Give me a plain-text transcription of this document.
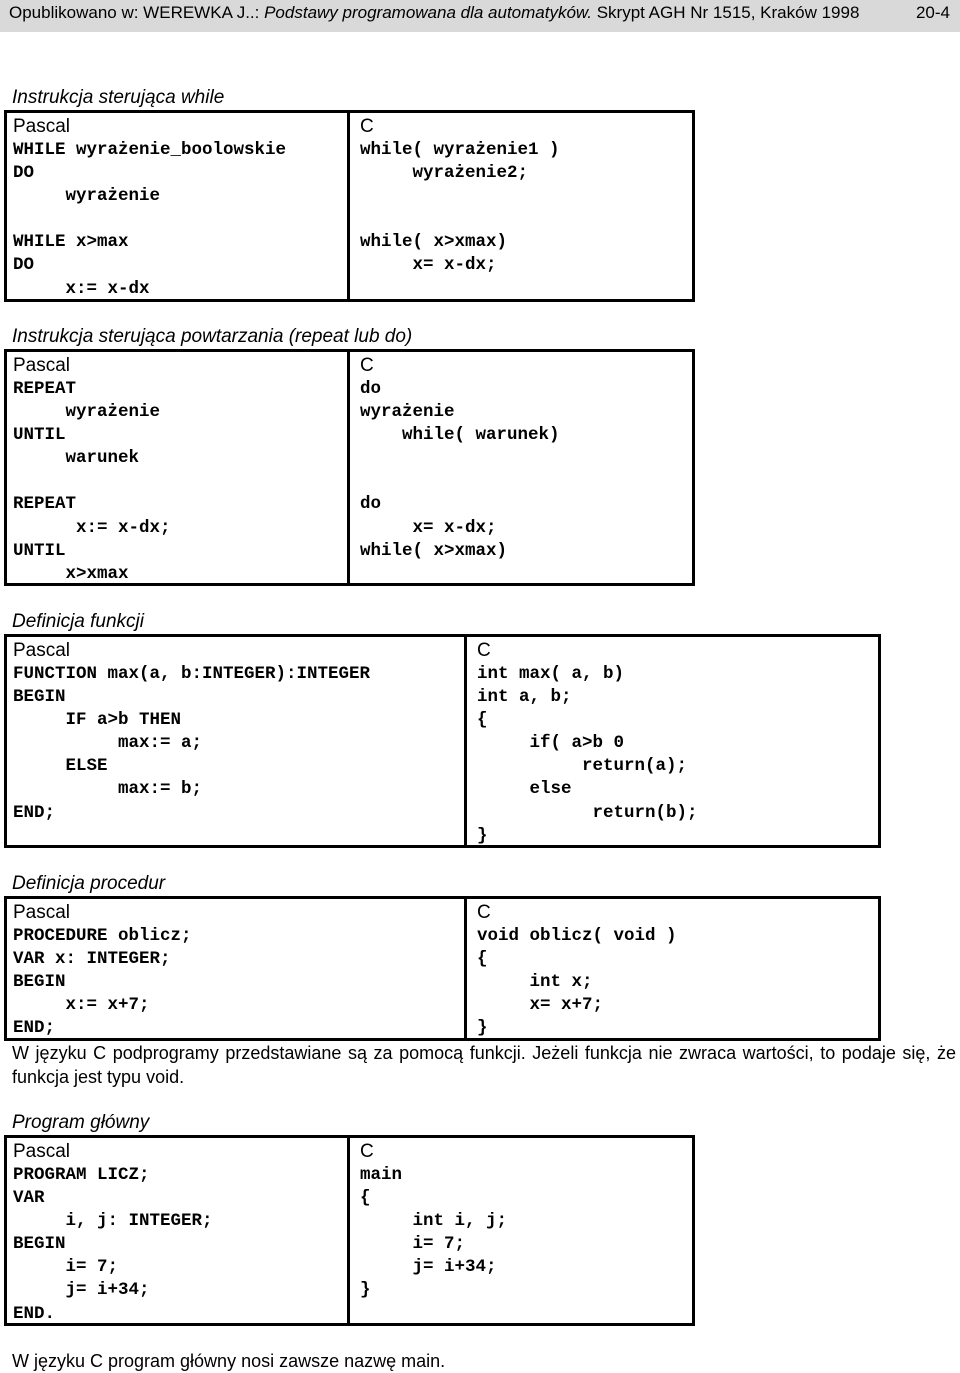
Opublikowano w: WEREWKA J..: Podstawy programowana dla automatyków. Skrypt AGH Nr 1515, Kraków 1998	20-4
Instrukcja sterująca while
Pascal
WHILE wyrażenie_boolowskie
DO
wyrażenie

WHILE x>max
DO
x:= x-dx
C
while( wyrażenie1 )
wyrażenie2;

while( x>xmax)
x= x-dx;
Instrukcja sterująca powtarzania (repeat lub do)
Pascal
REPEAT
wyrażenie
UNTIL
warunek

REPEAT
x:= x-dx;
UNTIL
x>xmax
C
do
wyrażenie
while( warunek)

do
x= x-dx;
while( x>xmax)
Definicja funkcji
Pascal
FUNCTION max(a, b:INTEGER):INTEGER
BEGIN
IF a>b THEN
max:= a;
ELSE
max:= b;
END;
C
int max( a, b)
int a, b;
{
if( a>b 0
return(a);
else
return(b);
}
Definicja procedur
Pascal
PROCEDURE oblicz;
VAR x: INTEGER;
BEGIN
x:= x+7;
END;
C
void oblicz( void )
{
int x;
x= x+7;
}
W języku C podprogramy przedstawiane są za pomocą funkcji. Jeżeli funkcja nie zwraca wartości, to podaje się, że funkcja jest typu void.
Program główny
Pascal
PROGRAM LICZ;
VAR
i, j: INTEGER;
BEGIN
i= 7;
j= i+34;
END.
C
main
{
int i, j;
i= 7;
j= i+34;
}
W języku C program główny nosi zawsze nazwę main.
